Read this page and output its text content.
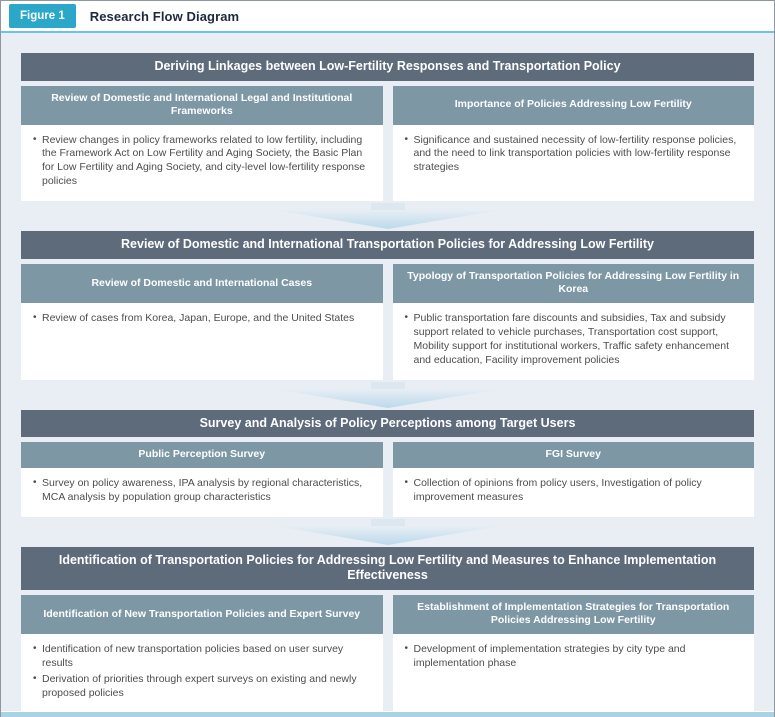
Figure 1	Research Flow Diagram
Deriving Linkages between Low-Fertility Responses and Transportation Policy
Review of Domestic and International Legal and Institutional Frameworks
Importance of Policies Addressing Low Fertility
• Review changes in policy frameworks related to low fertility, including the Framework Act on Low Fertility and Aging Society, the Basic Plan for Low Fertility and Aging Society, and city-level low-fertility response policies
• Significance and sustained necessity of low-fertility response policies, and the need to link transportation policies with low-fertility response strategies
Review of Domestic and International Transportation Policies for Addressing Low Fertility
Review of Domestic and International Cases
Typology of Transportation Policies for Addressing Low Fertility in Korea
• Review of cases from Korea, Japan, Europe, and the United States	• Public transportation fare discounts and subsidies, Tax and subsidy support related to vehicle purchases, Transportation cost support, Mobility support for institutional workers, Traffic safety enhancement and education, Facility improvement policies
Survey and Analysis of Policy Perceptions among Target Users
Public Perception Survey	FGI Survey
• Survey on policy awareness, IPA analysis by regional characteristics, MCA analysis by population group characteristics
• Collection of opinions from policy users, Investigation of policy improvement measures
Identification of Transportation Policies for Addressing Low Fertility and Measures to Enhance Implementation Effectiveness
Identification of New Transportation Policies and Expert Survey
Establishment of Implementation Strategies for Transportation Policies Addressing Low Fertility
• Identification of new transportation policies based on user survey results
• Derivation of priorities through expert surveys on existing and newly proposed policies
• Development of implementation strategies by city type and implementation phase
